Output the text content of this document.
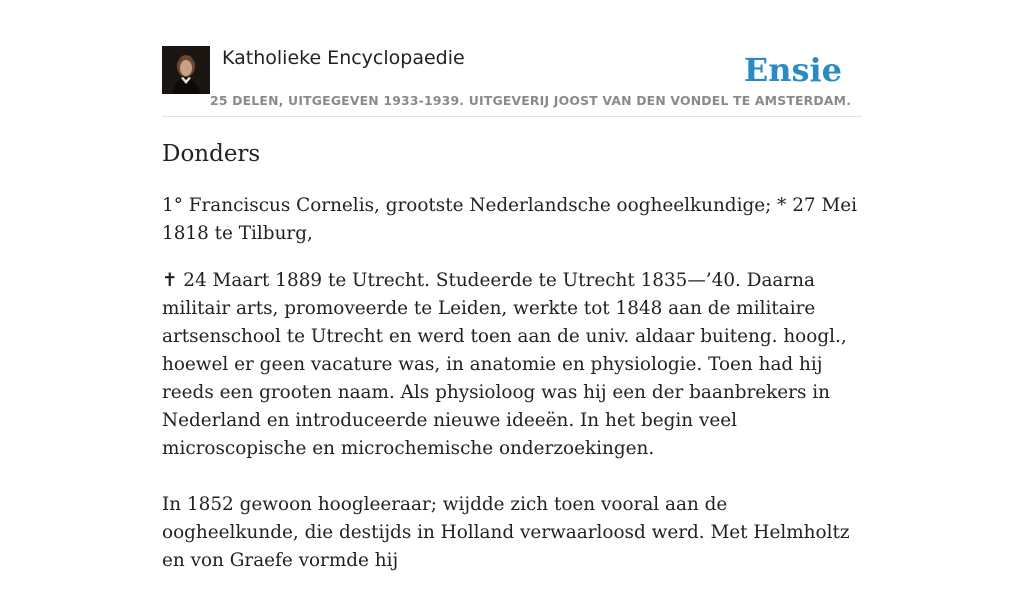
Katholieke Encyclopaedie
25 DELEN, UITGEGEVEN 1933-1939. UITGEVERIJ JOOST VAN DEN VONDEL TE AMSTERDAM.
Ensie
Donders

1° Franciscus Cornelis, grootste Nederlandsche oogheelkundige; * 27 Mei 1818 te Tilburg,

✝ 24 Maart 1889 te Utrecht. Studeerde te Utrecht 1835—’40. Daarna militair arts, promoveerde te Leiden, werkte tot 1848 aan de militaire artsenschool te Utrecht en werd toen aan de univ. aldaar buiteng. hoogl., hoewel er geen vacature was, in anatomie en physiologie. Toen had hij reeds een grooten naam. Als physioloog was hij een der baanbrekers in Nederland en introduceerde nieuwe ideeën. In het begin veel microscopische en microchemische onderzoekingen.

In 1852 gewoon hoogleeraar; wijdde zich toen vooral aan de oogheelkunde, die destijds in Holland verwaarloosd werd. Met Helmholtz en von Graefe vormde hij
